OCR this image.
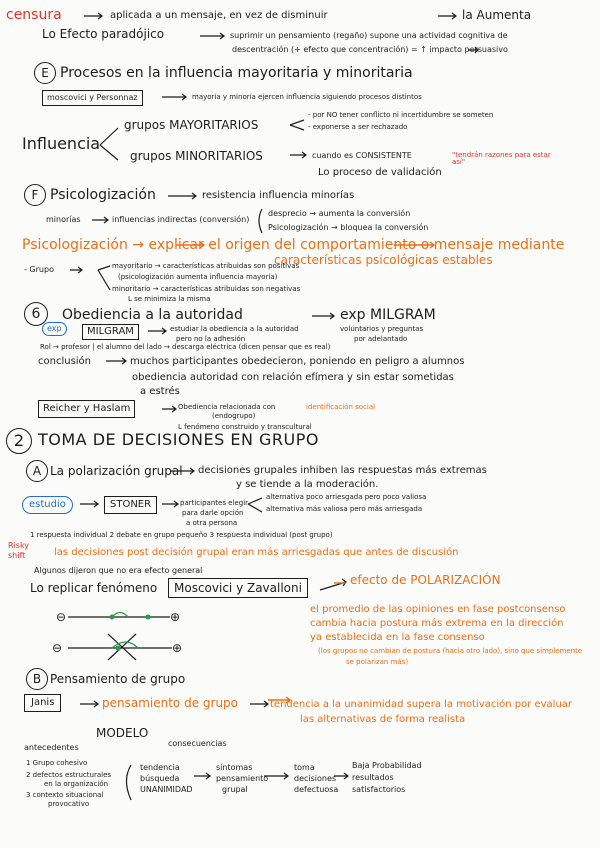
censura	aplicada a un mensaje, en vez de disminuir	la Aumenta
Lo Efecto paradójico	suprimir un pensamiento (regaño) supone una actividad cognitiva de
descentración (+ efecto que concentración) = ↑ impacto persuasivo
E Procesos en la influencia mayoritaria y minoritaria
moscovici y Personnaz	mayoría y minoría ejercen influencia siguiendo procesos distintos
Influencia
grupos MAYORITARIOS
- por NO tener conflicto ni incertidumbre se someten
- exponerse a ser rechazado
grupos MINORITARIOS	cuando es CONSISTENTE	"tendrán razones para estar así"
Lo proceso de validación
F Psicologización	resistencia influencia minorías
minorías	influencias indirectas (conversión)
desprecio → aumenta la conversión
Psicologización → bloquea la conversión
Psicologización → explicar el origen del comportamiento o mensaje mediante
características psicológicas estables
- Grupo	mayoritario → características atribuidas son positivas
(psicologización aumenta influencia mayoría)
minoritario → características atribuidas son negativas
L se minimiza la misma
6	Obediencia a la autoridad	exp MILGRAM
exp	MILGRAM	estudiar la obediencia a la autoridad
pero no la adhesión
voluntarios y preguntas
por adelantado
Rol → profesor | el alumno del lado → descarga eléctrica (dicen pensar que es real)
conclusión	muchos participantes obedecieron, poniendo en peligro a alumnos
obediencia autoridad con relación efímera y sin estar sometidas
a estrés
Reicher y Haslam	Obediencia relacionada con	identificación social
(endogrupo)
L fenómeno construido y transcultural
2 TOMA DE DECISIONES EN GRUPO
A La polarización grupal decisiones grupales inhiben las respuestas más extremas
y se tiende a la moderación.
estudio	STONER	participantes elegir
para darle opción
a otra persona
alternativa poco arriesgada pero poco valiosa
alternativa más valiosa pero más arriesgada
1 respuesta individual 2 debate en grupo pequeño 3 respuesta individual (post grupo)
Risky
shift	las decisiones post decisión grupal eran más arriesgadas que antes de discusión
Algunos dijeron que no era efecto general
Lo replicar fenómeno	Moscovici y Zavalloni
efecto de POLARIZACIÓN
el promedio de las opiniones en fase postconsenso
cambia hacia postura más extrema en la dirección
ya establecida en la fase consenso
(los grupos no cambian de postura (hacia otro lado), sino que simplemente
se polarizan más)
⊖	⊕
⊖	⊕
B Pensamiento de grupo
Janis	pensamiento de grupo	tendencia a la unanimidad supera la motivación por evaluar
las alternativas de forma realista
MODELO
consecuencias
antecedentes
1 Grupo cohesivo
2 defectos estructurales
en la organización
3 contexto situacional
provocativo
tendencia
búsqueda
UNANIMIDAD
síntomas
pensamiento
grupal
toma
decisiones
defectuosa
Baja Probabilidad
resultados
satisfactorios
